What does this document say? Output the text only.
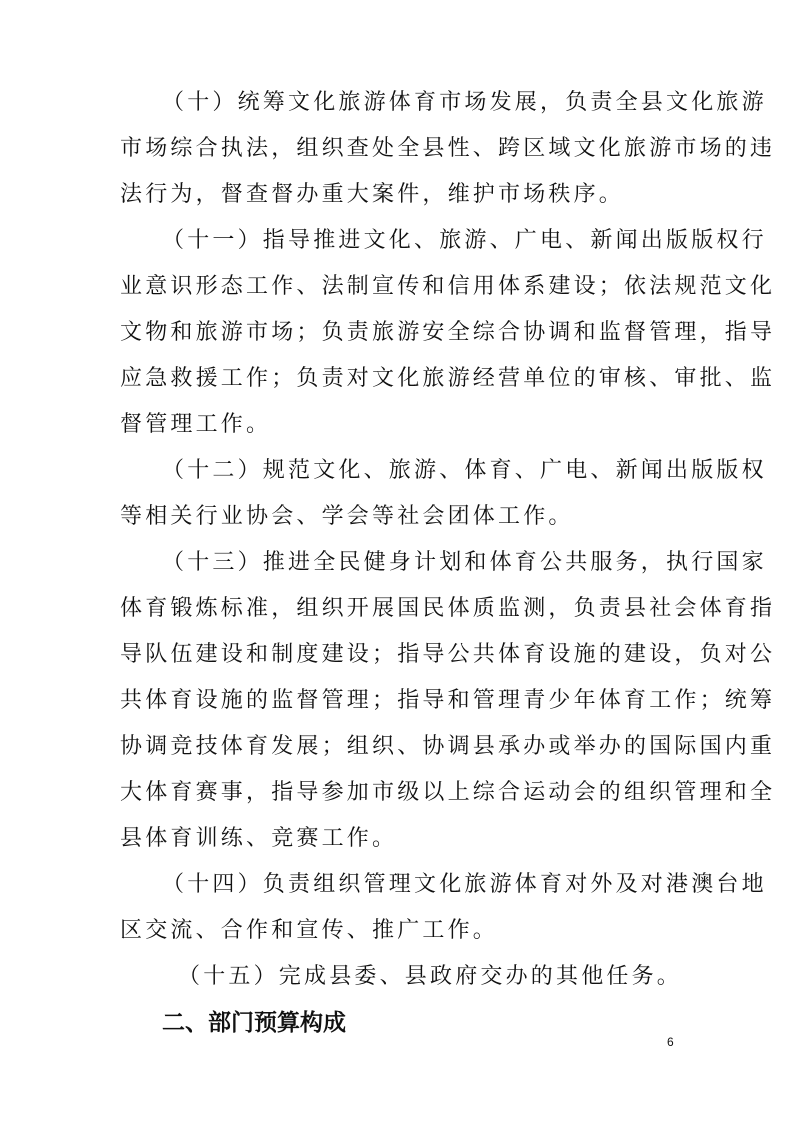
（十）统筹文化旅游体育市场发展，负责全县文化旅游
市场综合执法，组织查处全县性、跨区域文化旅游市场的违
法行为，督查督办重大案件，维护市场秩序。
（十一）指导推进文化、旅游、广电、新闻出版版权行
业意识形态工作、法制宣传和信用体系建设；依法规范文化
文物和旅游市场；负责旅游安全综合协调和监督管理，指导
应急救援工作；负责对文化旅游经营单位的审核、审批、监
督管理工作。
（十二）规范文化、旅游、体育、广电、新闻出版版权
等相关行业协会、学会等社会团体工作。
（十三）推进全民健身计划和体育公共服务，执行国家
体育锻炼标准，组织开展国民体质监测，负责县社会体育指
导队伍建设和制度建设；指导公共体育设施的建设，负对公
共体育设施的监督管理；指导和管理青少年体育工作；统筹
协调竞技体育发展；组织、协调县承办或举办的国际国内重
大体育赛事，指导参加市级以上综合运动会的组织管理和全
县体育训练、竞赛工作。
（十四）负责组织管理文化旅游体育对外及对港澳台地
区交流、合作和宣传、推广工作。
（十五）完成县委、县政府交办的其他任务。
二、部门预算构成
6
